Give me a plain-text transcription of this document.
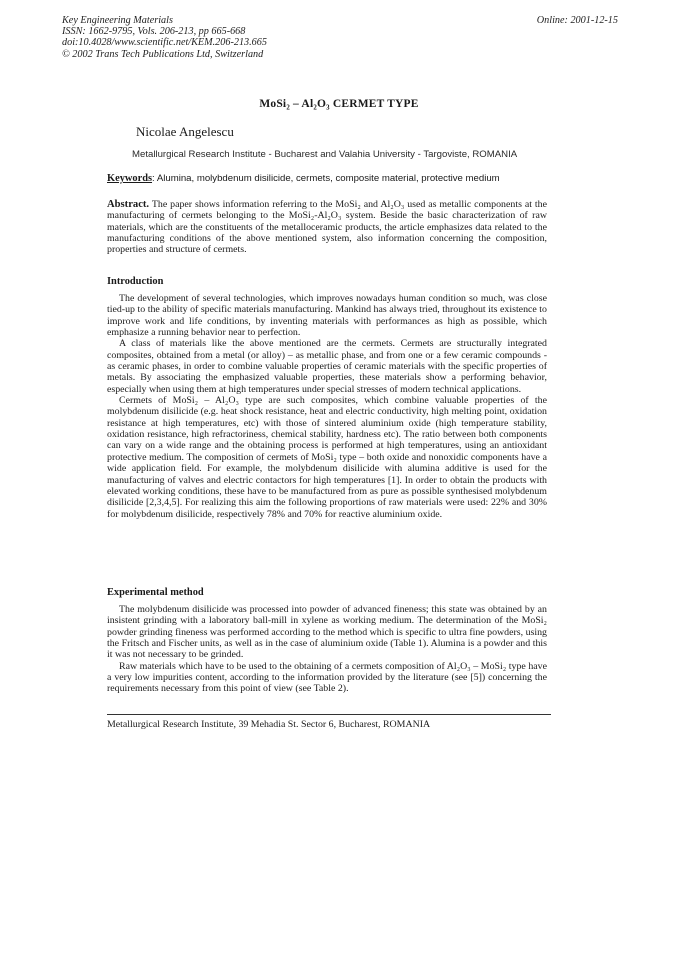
Key Engineering Materials
ISSN: 1662-9795, Vols. 206-213, pp 665-668
doi:10.4028/www.scientific.net/KEM.206-213.665
© 2002 Trans Tech Publications Ltd, Switzerland
Online: 2001-12-15
MoSi₂ – Al₂O₃ CERMET TYPE
Nicolae Angelescu
Metallurgical Research Institute - Bucharest and Valahia University - Targoviste, ROMANIA
Keywords: Alumina, molybdenum disilicide, cermets, composite material, protective medium

Abstract. The paper shows information referring to the MoSi₂ and Al₂O₃ used as metallic components at the manufacturing of cermets belonging to the MoSi₂-Al₂O₃ system. Beside the basic characterization of raw materials, which are the constituents of the metalloceramic products, the article emphasizes data related to the manufacturing conditions of the above mentioned system, also information concerning the composition, properties and structure of cermets.

Introduction

The development of several technologies, which improves nowadays human condition so much, was close tied-up to the ability of specific materials manufacturing. Mankind has always tried, throughout its existence to improve work and life conditions, by inventing materials with performances as high as possible, which emphasize a running behavior near to perfection.

A class of materials like the above mentioned are the cermets. Cermets are structurally integrated composites, obtained from a metal (or alloy) – as metallic phase, and from one or a few ceramic compounds - as ceramic phases, in order to combine valuable properties of ceramic materials with the specific properties of metals. By associating the emphasized valuable properties, these materials show a performing behavior, especially when using them at high temperatures under special stresses of modern technical applications.

Cermets of MoSi₂ – Al₂O₃ type are such composites, which combine valuable properties of the molybdenum disilicide (e.g. heat shock resistance, heat and electric conductivity, high melting point, oxidation resistance at high temperatures, etc) with those of sintered aluminium oxide (high temperature stability, oxidation resistance, high refractoriness, chemical stability, hardness etc). The ratio between both components can vary on a wide range and the obtaining process is performed at high temperatures, using an antioxidant protective medium. The composition of cermets of MoSi₂ type – both oxide and nonoxidic components have a wide application field. For example, the molybdenum disilicide with alumina additive is used for the manufacturing of valves and electric contactors for high temperatures [1]. In order to obtain the products with elevated working conditions, these have to be manufactured from as pure as possible synthesised molybdenum disilicide [2,3,4,5]. For realizing this aim the following proportions of raw materials were used: 22% and 30% for molybdenum disilicide, respectively 78% and 70% for reactive aluminium oxide.

Experimental method

The molybdenum disilicide was processed into powder of advanced fineness; this state was obtained by an insistent grinding with a laboratory ball-mill in xylene as working medium. The determination of the MoSi₂ powder grinding fineness was performed according to the method which is specific to ultra fine powders, using the Fritsch and Fischer units, as well as in the case of aluminium oxide (Table 1). Alumina is a powder and this it was not necessary to be grinded.

Raw materials which have to be used to the obtaining of a cermets composition of Al₂O₃ – MoSi₂ type have a very low impurities content, according to the information provided by the literature (see [5]) concerning the requirements necessary from this point of view (see Table 2).

Metallurgical Research Institute, 39 Mehadia St. Sector 6, Bucharest, ROMANIA
